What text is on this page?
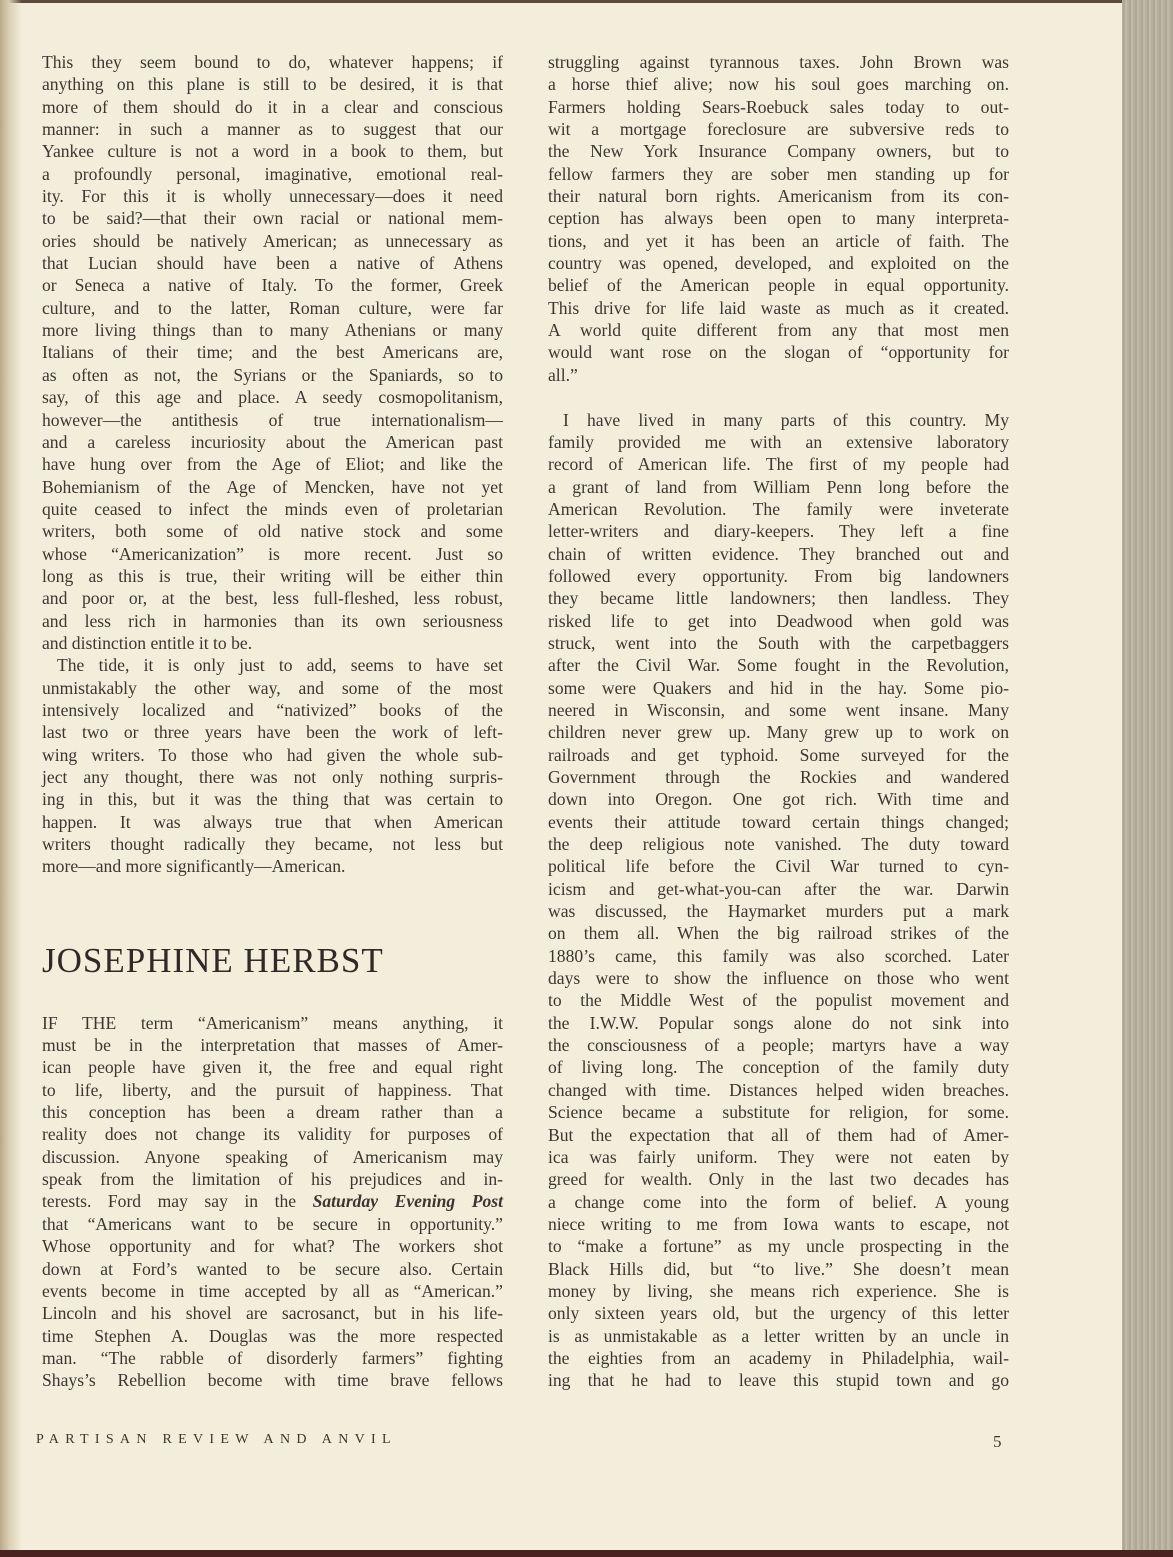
This they seem bound to do, whatever happens; if
anything on this plane is still to be desired, it is that
more of them should do it in a clear and conscious
manner: in such a manner as to suggest that our
Yankee culture is not a word in a book to them, but
a profoundly personal, imaginative, emotional real-
ity. For this it is wholly unnecessary—does it need
to be said?—that their own racial or national mem-
ories should be natively American; as unnecessary as
that Lucian should have been a native of Athens
or Seneca a native of Italy. To the former, Greek
culture, and to the latter, Roman culture, were far
more living things than to many Athenians or many
Italians of their time; and the best Americans are,
as often as not, the Syrians or the Spaniards, so to
say, of this age and place. A seedy cosmopolitanism,
however—the antithesis of true internationalism—
and a careless incuriosity about the American past
have hung over from the Age of Eliot; and like the
Bohemianism of the Age of Mencken, have not yet
quite ceased to infect the minds even of proletarian
writers, both some of old native stock and some
whose “Americanization” is more recent. Just so
long as this is true, their writing will be either thin
and poor or, at the best, less full-fleshed, less robust,
and less rich in harmonies than its own seriousness
and distinction entitle it to be.
The tide, it is only just to add, seems to have set
unmistakably the other way, and some of the most
intensively localized and “nativized” books of the
last two or three years have been the work of left-
wing writers. To those who had given the whole sub-
ject any thought, there was not only nothing surpris-
ing in this, but it was the thing that was certain to
happen. It was always true that when American
writers thought radically they became, not less but
more—and more significantly—American.
JOSEPHINE HERBST
IF THE term “Americanism” means anything, it
must be in the interpretation that masses of Amer-
ican people have given it, the free and equal right
to life, liberty, and the pursuit of happiness. That
this conception has been a dream rather than a
reality does not change its validity for purposes of
discussion. Anyone speaking of Americanism may
speak from the limitation of his prejudices and in-
terests. Ford may say in the Saturday Evening Post
that “Americans want to be secure in opportunity.”
Whose opportunity and for what? The workers shot
down at Ford’s wanted to be secure also. Certain
events become in time accepted by all as “American.”
Lincoln and his shovel are sacrosanct, but in his life-
time Stephen A. Douglas was the more respected
man. “The rabble of disorderly farmers” fighting
Shays’s Rebellion become with time brave fellows
struggling against tyrannous taxes. John Brown was
a horse thief alive; now his soul goes marching on.
Farmers holding Sears-Roebuck sales today to out-
wit a mortgage foreclosure are subversive reds to
the New York Insurance Company owners, but to
fellow farmers they are sober men standing up for
their natural born rights. Americanism from its con-
ception has always been open to many interpreta-
tions, and yet it has been an article of faith. The
country was opened, developed, and exploited on the
belief of the American people in equal opportunity.
This drive for life laid waste as much as it created.
A world quite different from any that most men
would want rose on the slogan of “opportunity for
all.”
I have lived in many parts of this country. My
family provided me with an extensive laboratory
record of American life. The first of my people had
a grant of land from William Penn long before the
American Revolution. The family were inveterate
letter-writers and diary-keepers. They left a fine
chain of written evidence. They branched out and
followed every opportunity. From big landowners
they became little landowners; then landless. They
risked life to get into Deadwood when gold was
struck, went into the South with the carpetbaggers
after the Civil War. Some fought in the Revolution,
some were Quakers and hid in the hay. Some pio-
neered in Wisconsin, and some went insane. Many
children never grew up. Many grew up to work on
railroads and get typhoid. Some surveyed for the
Government through the Rockies and wandered
down into Oregon. One got rich. With time and
events their attitude toward certain things changed;
the deep religious note vanished. The duty toward
political life before the Civil War turned to cyn-
icism and get-what-you-can after the war. Darwin
was discussed, the Haymarket murders put a mark
on them all. When the big railroad strikes of the
1880’s came, this family was also scorched. Later
days were to show the influence on those who went
to the Middle West of the populist movement and
the I.W.W. Popular songs alone do not sink into
the consciousness of a people; martyrs have a way
of living long. The conception of the family duty
changed with time. Distances helped widen breaches.
Science became a substitute for religion, for some.
But the expectation that all of them had of Amer-
ica was fairly uniform. They were not eaten by
greed for wealth. Only in the last two decades has
a change come into the form of belief. A young
niece writing to me from Iowa wants to escape, not
to “make a fortune” as my uncle prospecting in the
Black Hills did, but “to live.” She doesn’t mean
money by living, she means rich experience. She is
only sixteen years old, but the urgency of this letter
is as unmistakable as a letter written by an uncle in
the eighties from an academy in Philadelphia, wail-
ing that he had to leave this stupid town and go
PARTISAN REVIEW AND ANVIL	5
